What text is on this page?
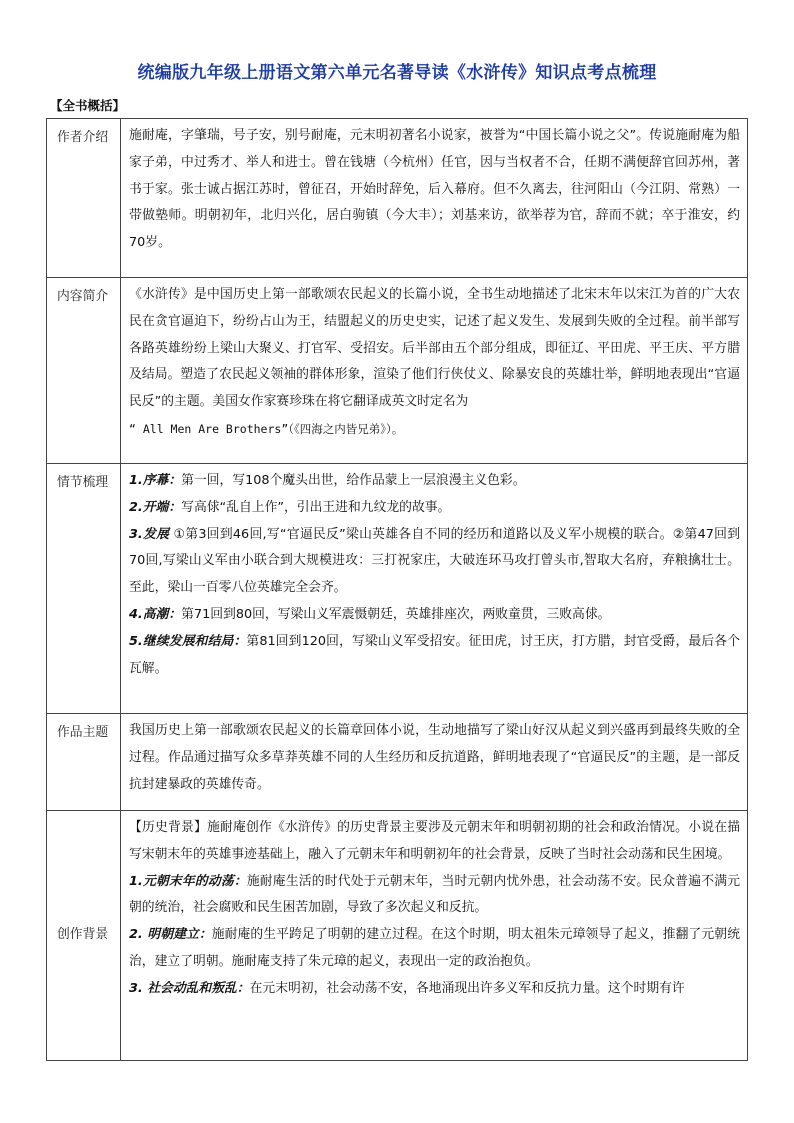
统编版九年级上册语文第六单元名著导读《水浒传》知识点考点梳理
【全书概括】
作者介绍	施耐庵，字肇瑞，号子安，别号耐庵，元末明初著名小说家，被誉为“中国长篇小说之父”。传说施耐庵为船家子弟，中过秀才、举人和进士。曾在钱塘（今杭州）任官，因与当权者不合，任期不满便辞官回苏州，著书于家。张士诚占据江苏时，曾征召，开始时辞免，后入幕府。但不久离去，往河阳山（今江阴、常熟）一带做塾师。明朝初年，北归兴化，居白驹镇（今大丰）；刘基来访，欲举荐为官，辞而不就；卒于淮安，约70岁。

内容简介	《水浒传》是中国历史上第一部歌颂农民起义的长篇小说，全书生动地描述了北宋末年以宋江为首的广大农民在贪官逼迫下，纷纷占山为王，结盟起义的历史史实，记述了起义发生、发展到失败的全过程。前半部写各路英雄纷纷上梁山大聚义、打官军、受招安。后半部由五个部分组成，即征辽、平田虎、平王庆、平方腊及结局。塑造了农民起义领袖的群体形象，渲染了他们行侠仗义、除暴安良的英雄壮举，鲜明地表现出“官逼民反”的主题。美国女作家赛珍珠在将它翻译成英文时定名为
“ All Men Are Brothers”（《四海之内皆兄弟》）。

情节梳理	1.序幕：第一回，写108个魔头出世，给作品蒙上一层浪漫主义色彩。

2.开端：写高俅“乱自上作”，引出王进和九纹龙的故事。

3.发展 ①第3回到46回,写“官逼民反”梁山英雄各自不同的经历和道路以及义军小规模的联合。②第47回到70回,写梁山义军由小联合到大规模进攻：三打祝家庄，大破连环马攻打曾头市,智取大名府，弃粮擒壮士。至此，梁山一百零八位英雄完全会齐。

4.高潮：第71回到80回，写梁山义军震慑朝廷，英雄排座次，两败童贯，三败高俅。

5.继续发展和结局：第81回到120回，写梁山义军受招安。征田虎，讨王庆，打方腊，封官受爵，最后各个瓦解。

作品主题	我国历史上第一部歌颂农民起义的长篇章回体小说，生动地描写了梁山好汉从起义到兴盛再到最终失败的全过程。作品通过描写众多草莽英雄不同的人生经历和反抗道路，鲜明地表现了“官逼民反”的主题，是一部反抗封建暴政的英雄传奇。

创作背景	【历史背景】施耐庵创作《水浒传》的历史背景主要涉及元朝末年和明朝初期的社会和政治情况。小说在描写宋朝末年的英雄事迹基础上，融入了元朝末年和明朝初年的社会背景，反映了当时社会动荡和民生困境。

1.元朝末年的动荡：施耐庵生活的时代处于元朝末年，当时元朝内忧外患，社会动荡不安。民众普遍不满元朝的统治，社会腐败和民生困苦加剧，导致了多次起义和反抗。

2. 明朝建立：施耐庵的生平跨足了明朝的建立过程。在这个时期，明太祖朱元璋领导了起义，推翻了元朝统治，建立了明朝。施耐庵支持了朱元璋的起义，表现出一定的政治抱负。

3. 社会动乱和叛乱：在元末明初，社会动荡不安，各地涌现出许多义军和反抗力量。这个时期有许
